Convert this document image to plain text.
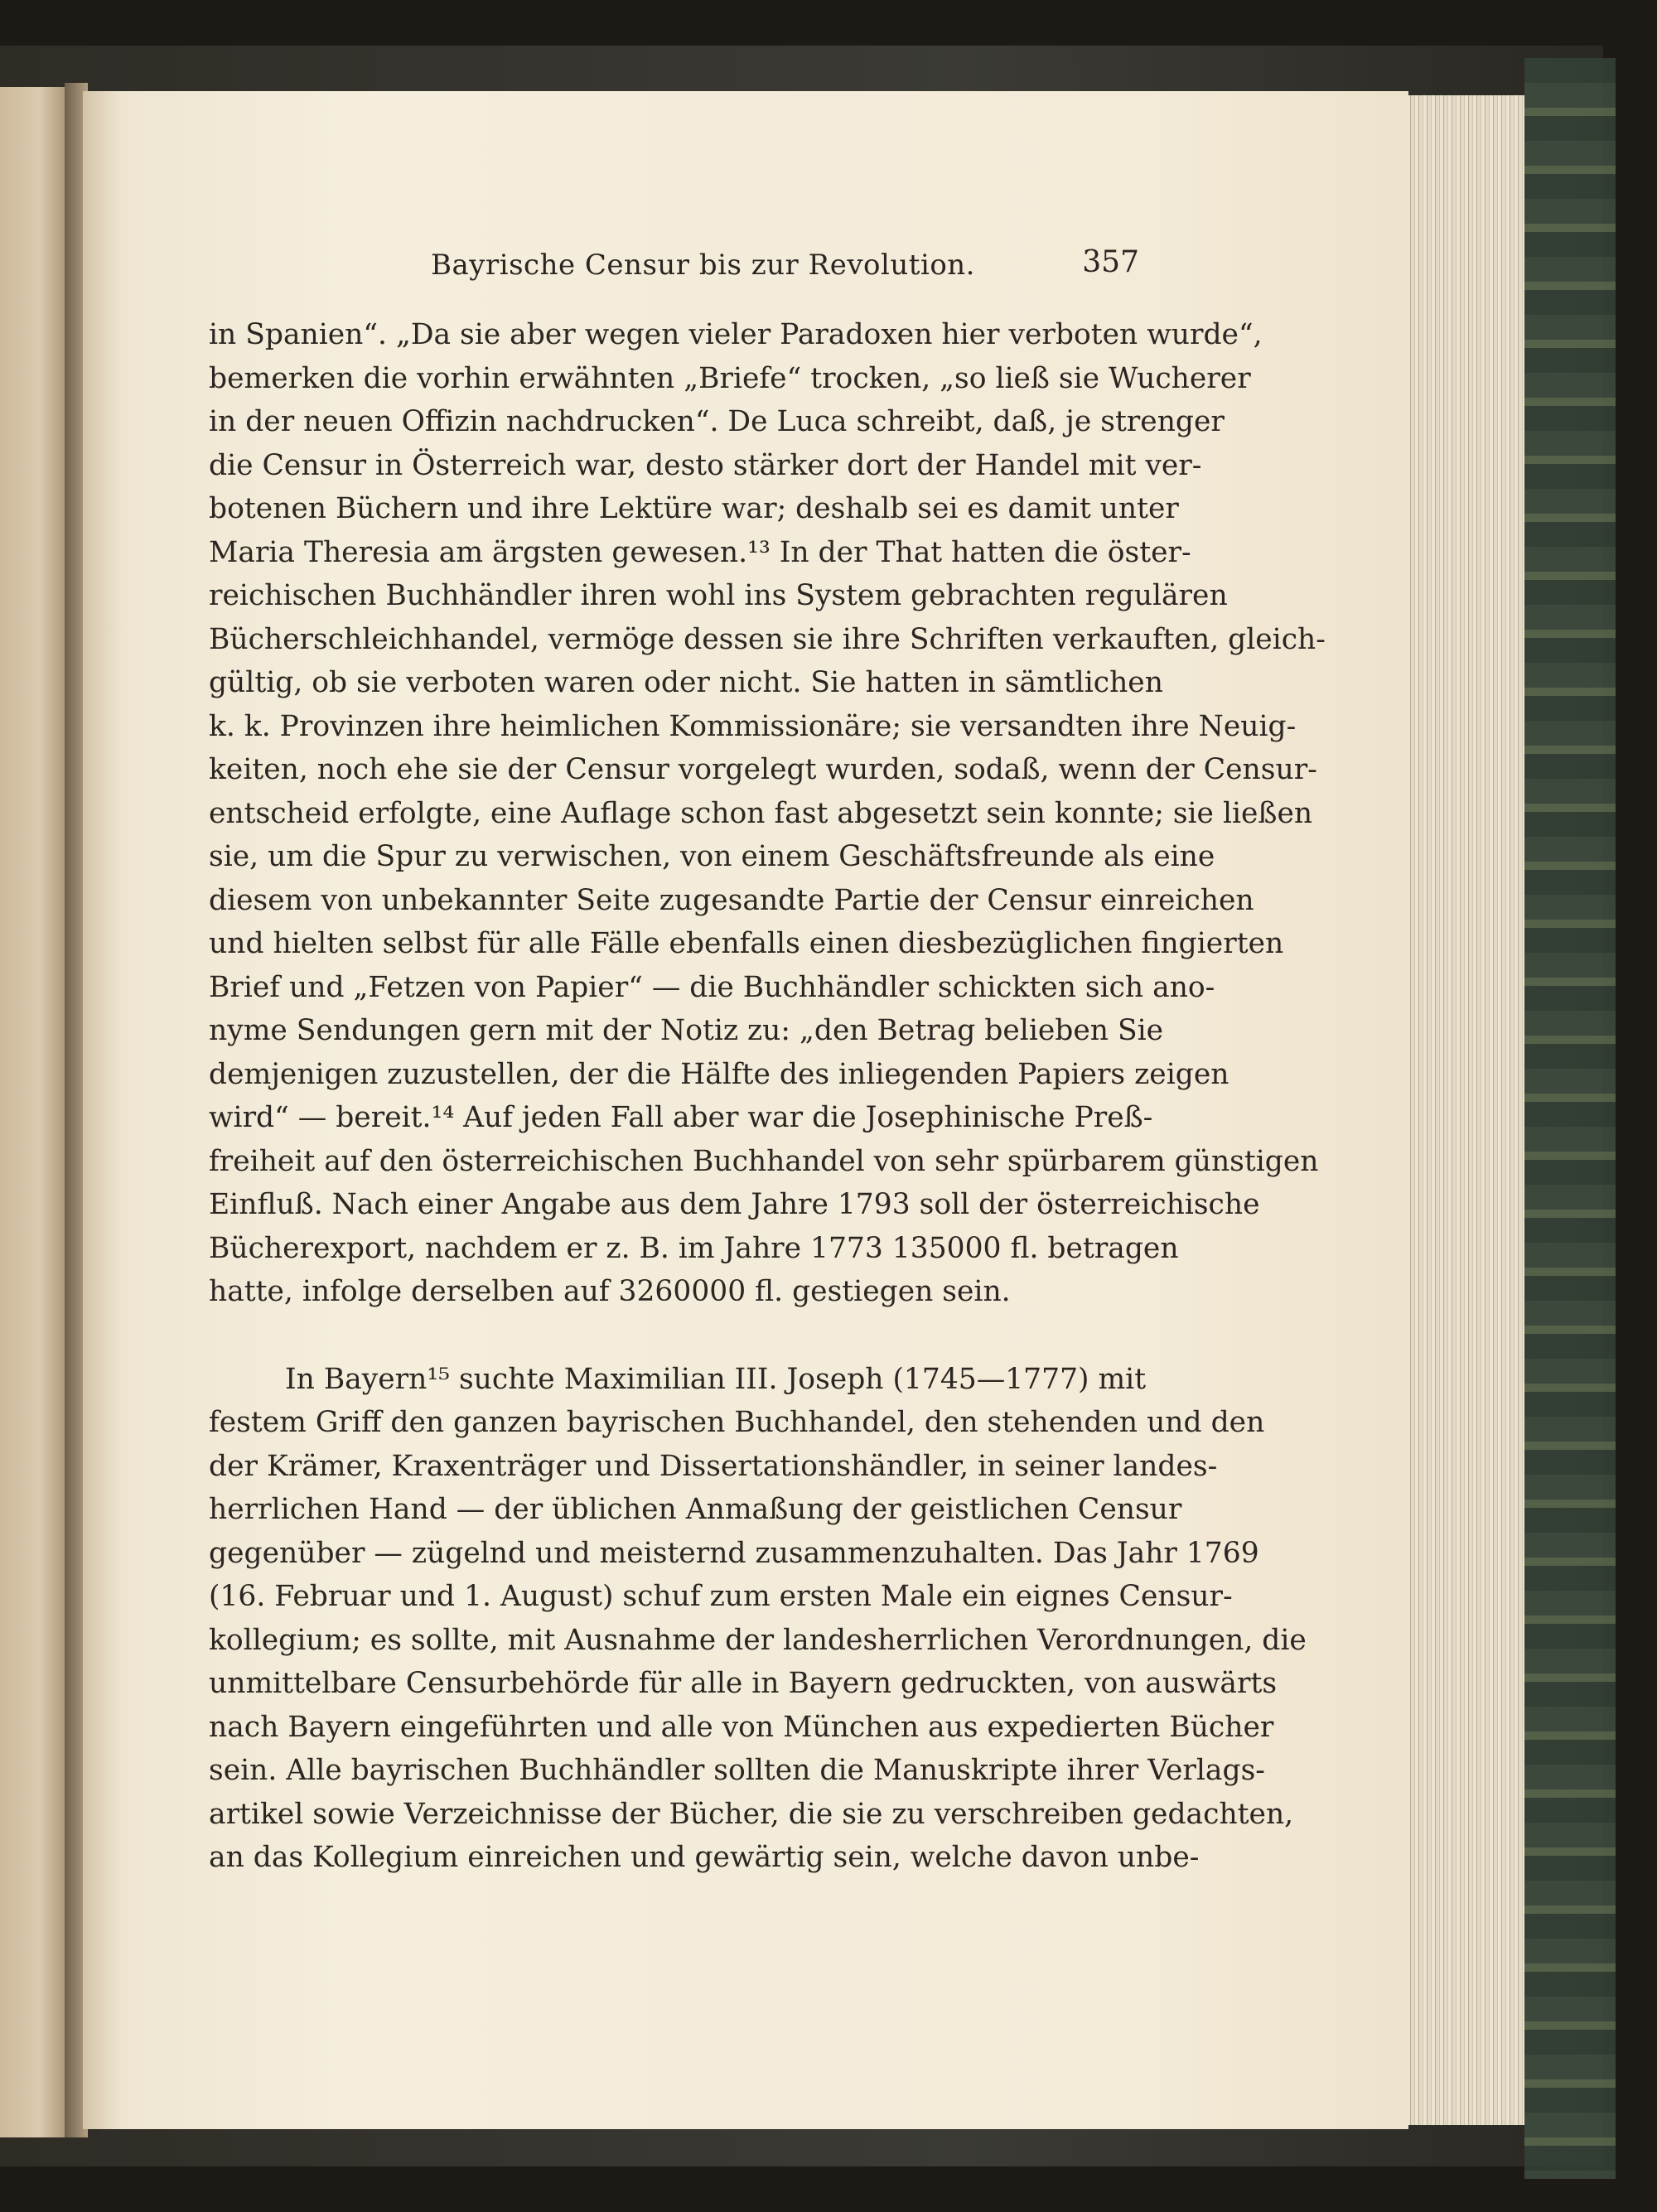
Bayrische Censur bis zur Revolution.	357
in Spanien“. „Da sie aber wegen vieler Paradoxen hier verboten wurde“,
bemerken die vorhin erwähnten „Briefe“ trocken, „so ließ sie Wucherer
in der neuen Offizin nachdrucken“. De Luca schreibt, daß, je strenger
die Censur in Österreich war, desto stärker dort der Handel mit ver-
botenen Büchern und ihre Lektüre war; deshalb sei es damit unter
Maria Theresia am ärgsten gewesen.¹³ In der That hatten die öster-
reichischen Buchhändler ihren wohl ins System gebrachten regulären
Bücherschleichhandel, vermöge dessen sie ihre Schriften verkauften, gleich-
gültig, ob sie verboten waren oder nicht. Sie hatten in sämtlichen
k. k. Provinzen ihre heimlichen Kommissionäre; sie versandten ihre Neuig-
keiten, noch ehe sie der Censur vorgelegt wurden, sodaß, wenn der Censur-
entscheid erfolgte, eine Auflage schon fast abgesetzt sein konnte; sie ließen
sie, um die Spur zu verwischen, von einem Geschäftsfreunde als eine
diesem von unbekannter Seite zugesandte Partie der Censur einreichen
und hielten selbst für alle Fälle ebenfalls einen diesbezüglichen fingierten
Brief und „Fetzen von Papier“ — die Buchhändler schickten sich ano-
nyme Sendungen gern mit der Notiz zu: „den Betrag belieben Sie
demjenigen zuzustellen, der die Hälfte des inliegenden Papiers zeigen
wird“ — bereit.¹⁴ Auf jeden Fall aber war die Josephinische Preß-
freiheit auf den österreichischen Buchhandel von sehr spürbarem günstigen
Einfluß. Nach einer Angabe aus dem Jahre 1793 soll der österreichische
Bücherexport, nachdem er z. B. im Jahre 1773 135000 fl. betragen
hatte, infolge derselben auf 3260000 fl. gestiegen sein.
In Bayern¹⁵ suchte Maximilian III. Joseph (1745—1777) mit
festem Griff den ganzen bayrischen Buchhandel, den stehenden und den
der Krämer, Kraxenträger und Dissertationshändler, in seiner landes-
herrlichen Hand — der üblichen Anmaßung der geistlichen Censur
gegenüber — zügelnd und meisternd zusammenzuhalten. Das Jahr 1769
(16. Februar und 1. August) schuf zum ersten Male ein eignes Censur-
kollegium; es sollte, mit Ausnahme der landesherrlichen Verordnungen, die
unmittelbare Censurbehörde für alle in Bayern gedruckten, von auswärts
nach Bayern eingeführten und alle von München aus expedierten Bücher
sein. Alle bayrischen Buchhändler sollten die Manuskripte ihrer Verlags-
artikel sowie Verzeichnisse der Bücher, die sie zu verschreiben gedachten,
an das Kollegium einreichen und gewärtig sein, welche davon unbe-
